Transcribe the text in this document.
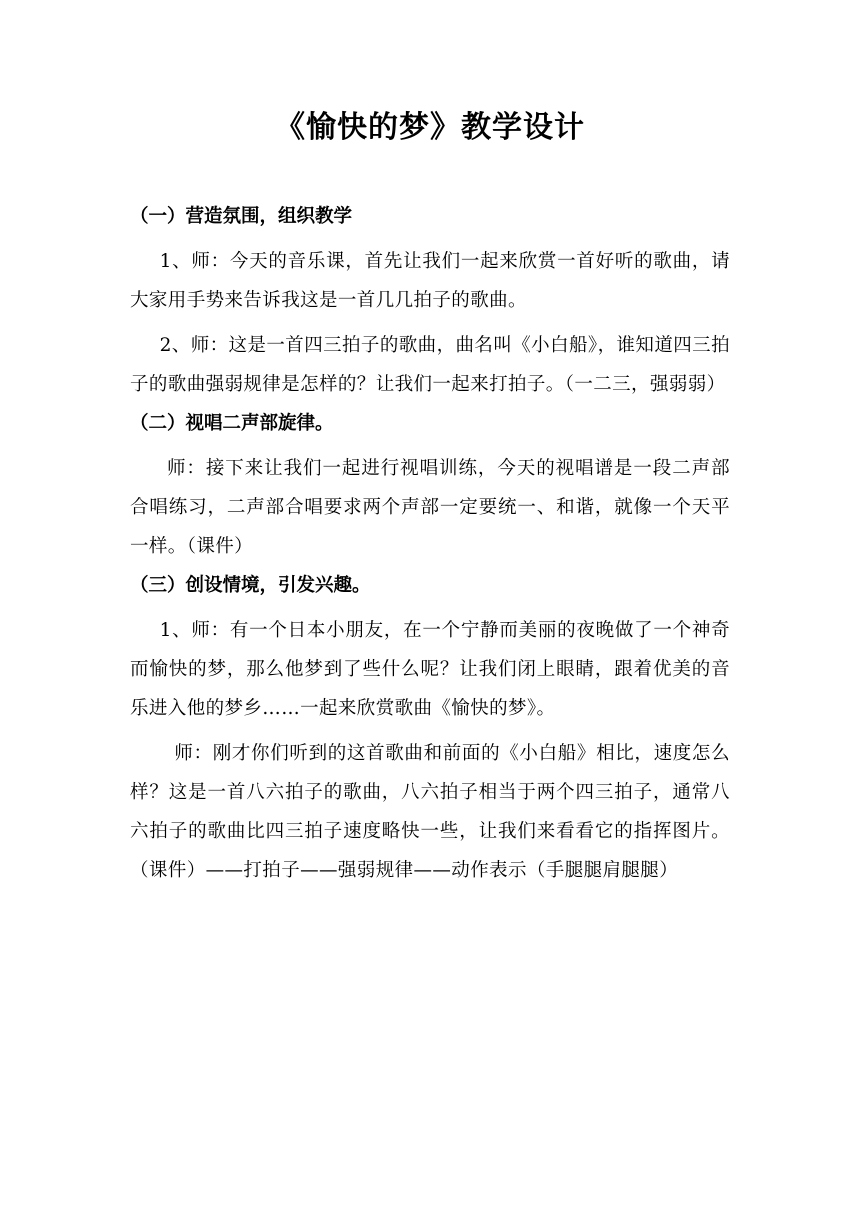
《愉快的梦》教学设计
（一）营造氛围，组织教学

1、师：今天的音乐课，首先让我们一起来欣赏一首好听的歌曲，请大家用手势来告诉我这是一首几几拍子的歌曲。

2、师：这是一首四三拍子的歌曲，曲名叫《小白船》，谁知道四三拍子的歌曲强弱规律是怎样的？让我们一起来打拍子。（一二三，强弱弱）

（二）视唱二声部旋律。

师：接下来让我们一起进行视唱训练，今天的视唱谱是一段二声部合唱练习，二声部合唱要求两个声部一定要统一、和谐，就像一个天平一样。（课件）

（三）创设情境，引发兴趣。

1、师：有一个日本小朋友，在一个宁静而美丽的夜晚做了一个神奇而愉快的梦，那么他梦到了些什么呢？让我们闭上眼睛，跟着优美的音乐进入他的梦乡……一起来欣赏歌曲《愉快的梦》。

师：刚才你们听到的这首歌曲和前面的《小白船》相比，速度怎么样？这是一首八六拍子的歌曲，八六拍子相当于两个四三拍子，通常八六拍子的歌曲比四三拍子速度略快一些，让我们来看看它的指挥图片。（课件）——打拍子——强弱规律——动作表示（手腿腿肩腿腿）
